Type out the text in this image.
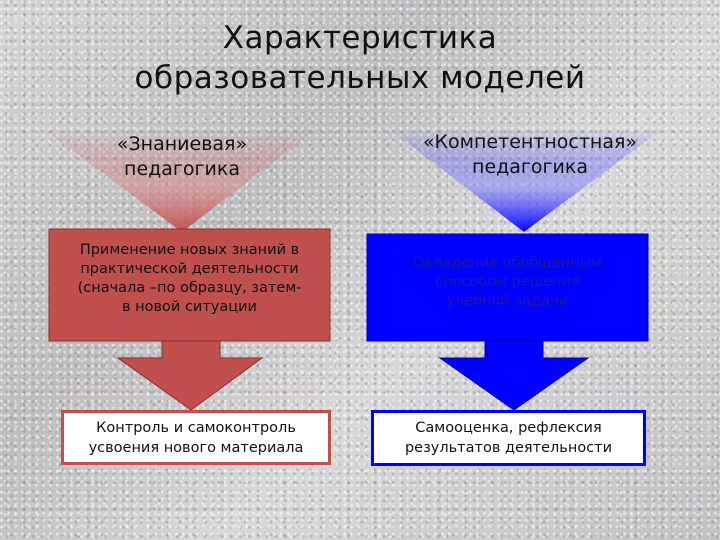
Характеристика
образовательных моделей
«Знаниевая»
педагогика
«Компетентностная»
педагогика
Применение новых знаний в
практической деятельности
(сначала –по образцу, затем-
в новой ситуации
Овладение обобщенным
способом решения
учебной задачи
Контроль и самоконтроль
усвоения нового материала
Самооценка, рефлексия
результатов деятельности
